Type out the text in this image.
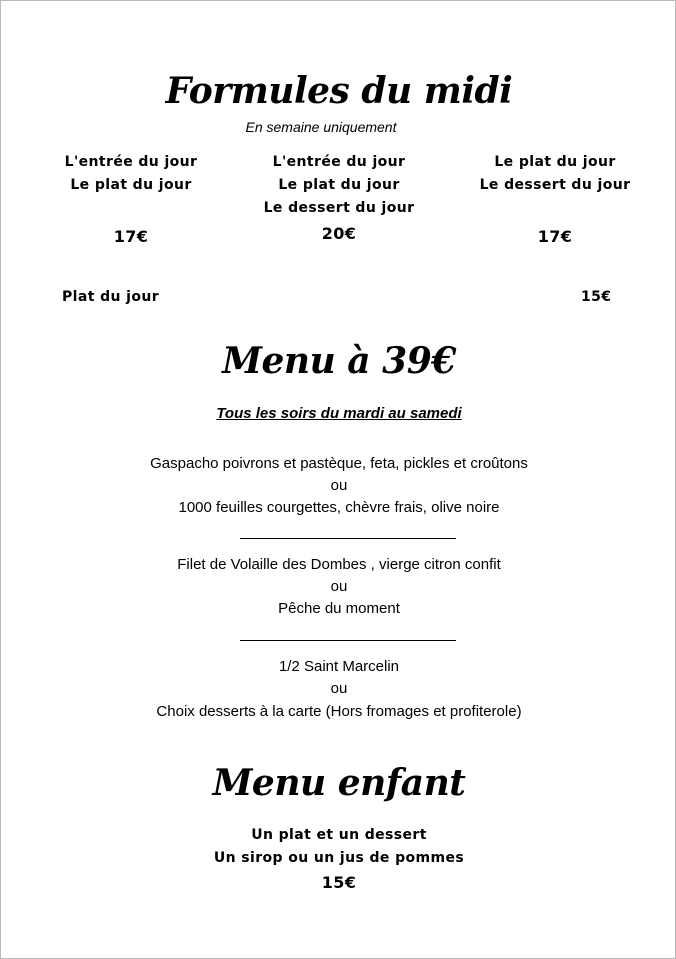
Formules du midi
En semaine uniquement
L'entrée du jour
Le plat du jour
17€
L'entrée du jour
Le plat du jour
Le dessert du jour
20€
Le plat du jour
Le dessert du jour
17€
Plat du jour	15€
Menu à 39€
Tous les soirs du mardi au samedi
Gaspacho poivrons et pastèque, feta, pickles et croûtons
ou
1000 feuilles courgettes, chèvre frais, olive noire
Filet de Volaille des Dombes , vierge citron confit
ou
Pêche du moment
1/2 Saint Marcelin
ou
Choix desserts à la carte (Hors fromages et profiterole)
Menu enfant
Un plat et un dessert
Un sirop ou un jus de pommes
15€
